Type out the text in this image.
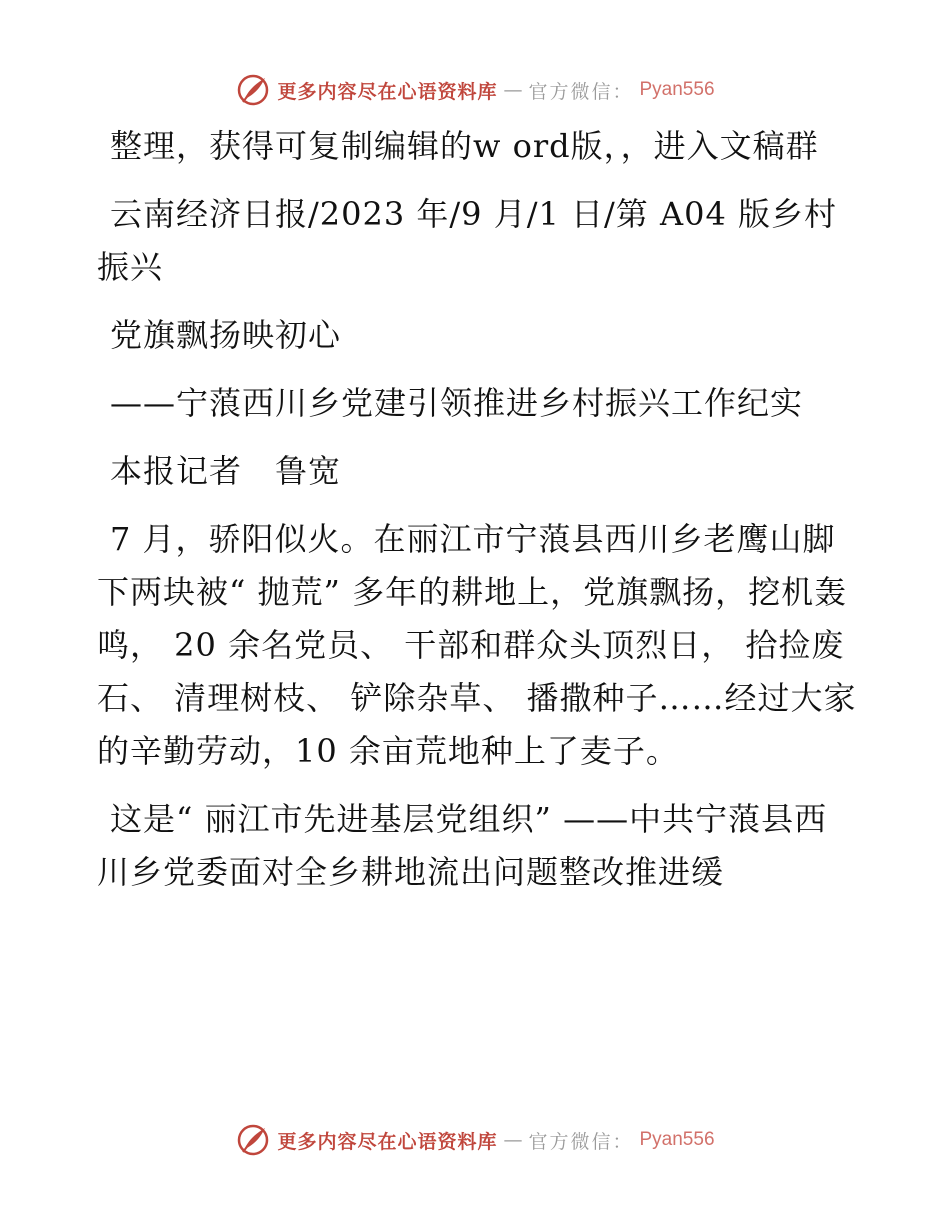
更多内容尽在心语资料库 — 官方微信： Pyan556

整理，获得可复制编辑的w ord版，，进入文稿群

云南经济日报/2023 年/9 月/1 日/第 A04 版乡村振兴

党旗飘扬映初心

——宁蒗西川乡党建引领推进乡村振兴工作纪实

本报记者　鲁宽

7 月，骄阳似火。在丽江市宁蒗县西川乡老鹰山脚下两块被“ 抛荒” 多年的耕地上，党旗飘扬，挖机轰鸣， 20 余名党员、 干部和群众头顶烈日， 拾捡废石、 清理树枝、 铲除杂草、 播撒种子……经过大家的辛勤劳动，10 余亩荒地种上了麦子。

这是“ 丽江市先进基层党组织” ——中共宁蒗县西川乡党委面对全乡耕地流出问题整改推进缓

更多内容尽在心语资料库 — 官方微信： Pyan556
